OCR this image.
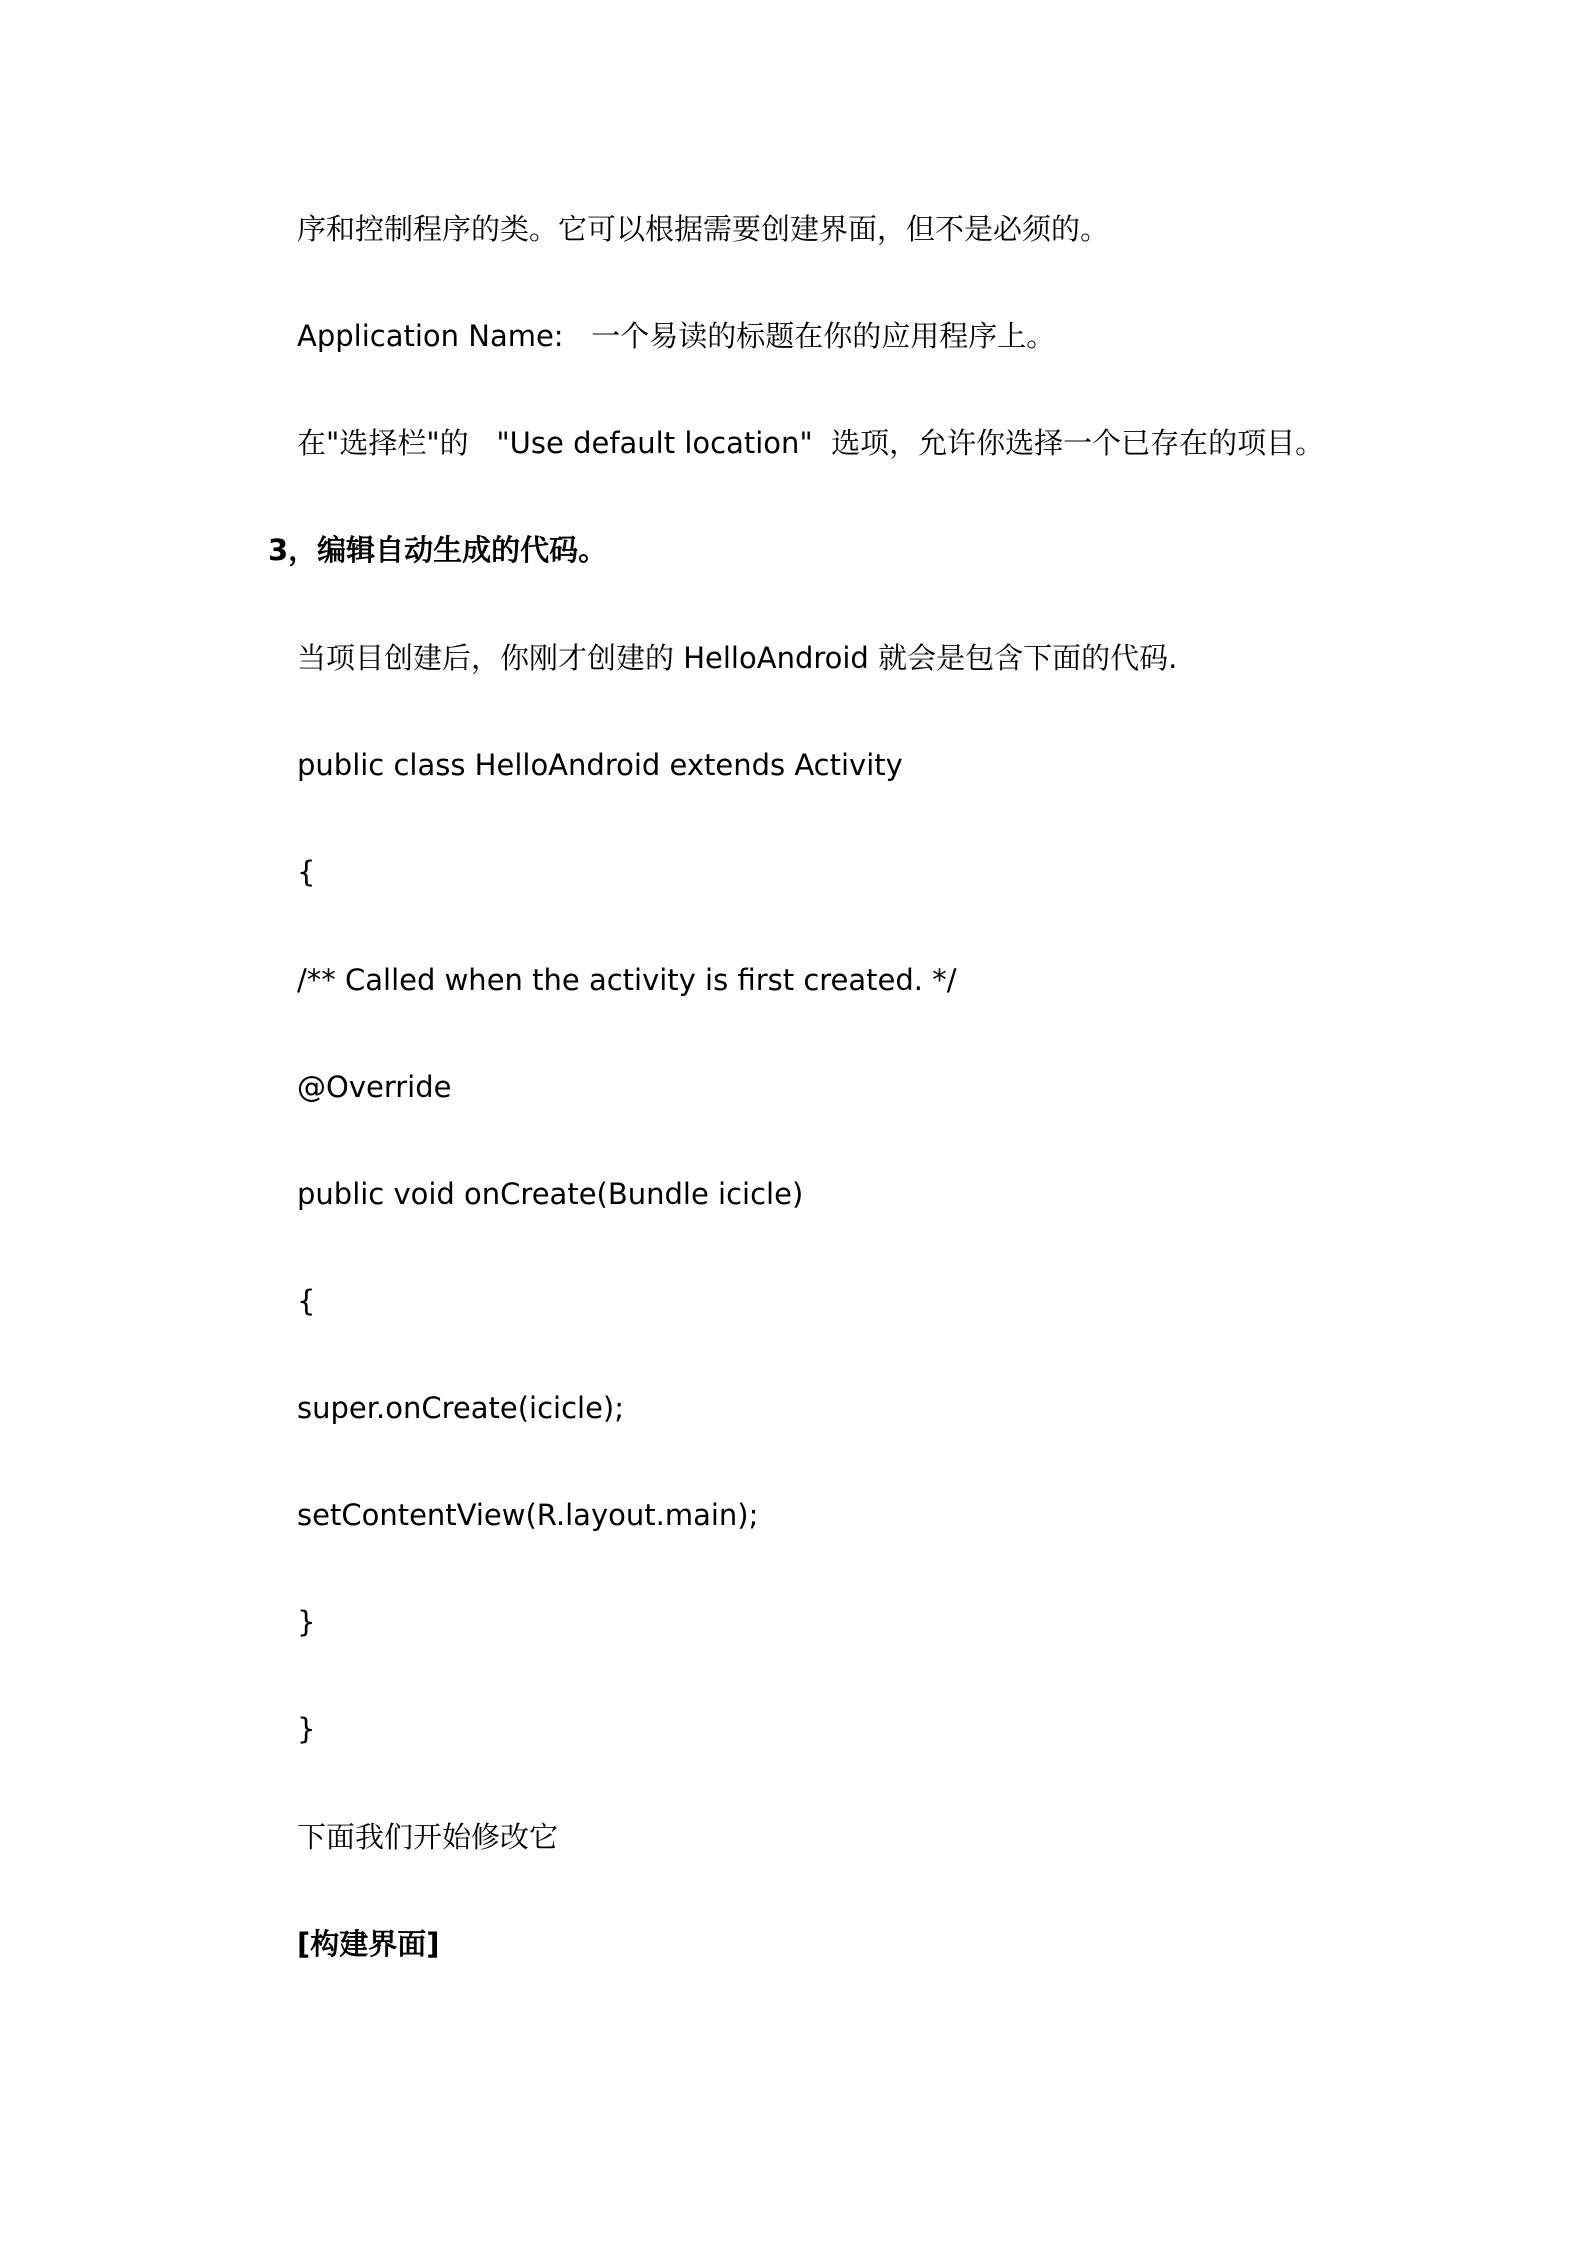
序和控制程序的类。它可以根据需要创建界面，但不是必须的。
Application Name:   一个易读的标题在你的应用程序上。
在"选择栏"的   "Use default location"  选项，允许你选择一个已存在的项目。
3，编辑自动生成的代码。
当项目创建后，你刚才创建的 HelloAndroid 就会是包含下面的代码.
public class HelloAndroid extends Activity
{
/** Called when the activity is first created. */
@Override
public void onCreate(Bundle icicle)
{
super.onCreate(icicle);
setContentView(R.layout.main);
}
}
下面我们开始修改它
[构建界面]
